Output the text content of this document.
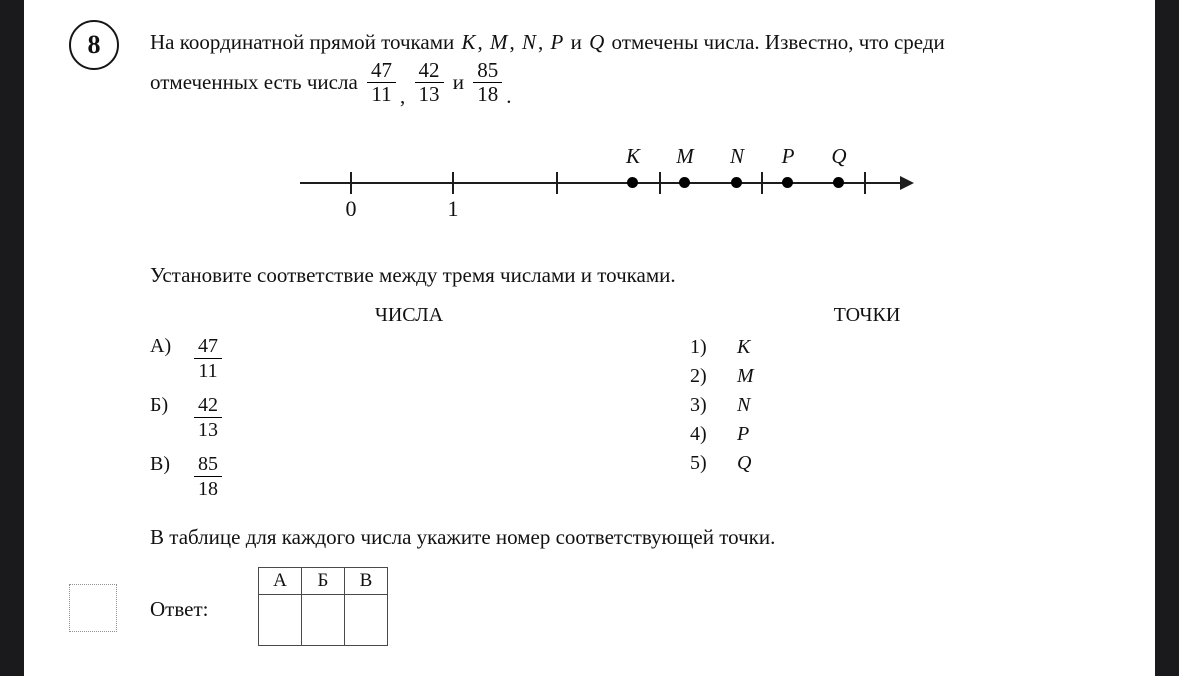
8 На координатной прямой точками K, M, N, P и Q отмечены числа. Известно, что среди
отмеченных есть числа $\frac{47}{11}$ , $\frac{42}{13}$ и $\frac{85}{18}$ .
0	1
K	M	N	P	Q
Установите соответствие между тремя числами и точками.
ЧИСЛА	ТОЧКИ
А)	$\frac{47}{11}$
Б)	$\frac{42}{13}$
В)	$\frac{85}{18}$
1)	K
2)	M
3)	N
4)	P
5)	Q
В таблице для каждого числа укажите номер соответствующей точки.
Ответ:
А	Б	В
